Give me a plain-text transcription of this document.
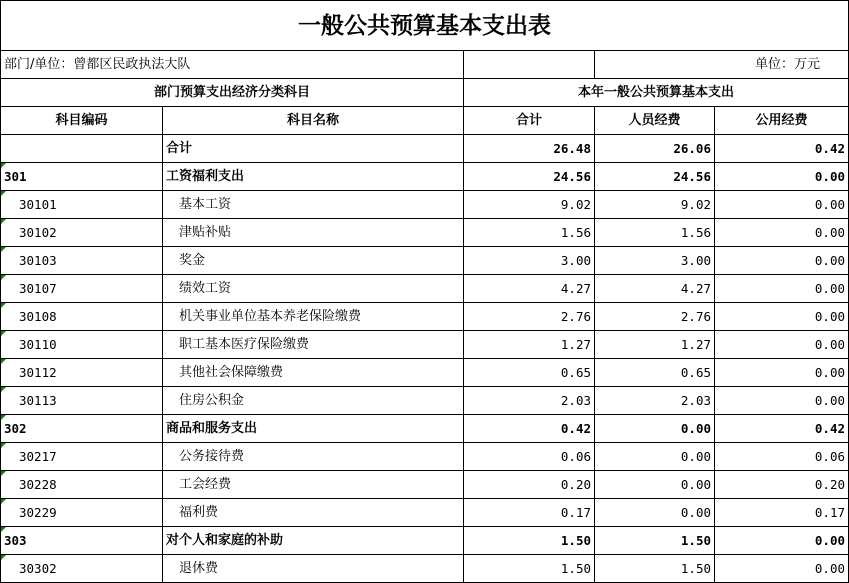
一般公共预算基本支出表				
部门/单位：曾都区民政执法大队			单位：万元	
部门预算支出经济分类科目		本年一般公共预算基本支出		
科目编码	科目名称	合计	人员经费	公用经费
	合计	26.48	26.06	0.42
301	工资福利支出	24.56	24.56	0.00
30101	基本工资	9.02	9.02	0.00
30102	津贴补贴	1.56	1.56	0.00
30103	奖金	3.00	3.00	0.00
30107	绩效工资	4.27	4.27	0.00
30108	机关事业单位基本养老保险缴费	2.76	2.76	0.00
30110	职工基本医疗保险缴费	1.27	1.27	0.00
30112	其他社会保障缴费	0.65	0.65	0.00
30113	住房公积金	2.03	2.03	0.00
302	商品和服务支出	0.42	0.00	0.42
30217	公务接待费	0.06	0.00	0.06
30228	工会经费	0.20	0.00	0.20
30229	福利费	0.17	0.00	0.17
303	对个人和家庭的补助	1.50	1.50	0.00
30302	退休费	1.50	1.50	0.00
